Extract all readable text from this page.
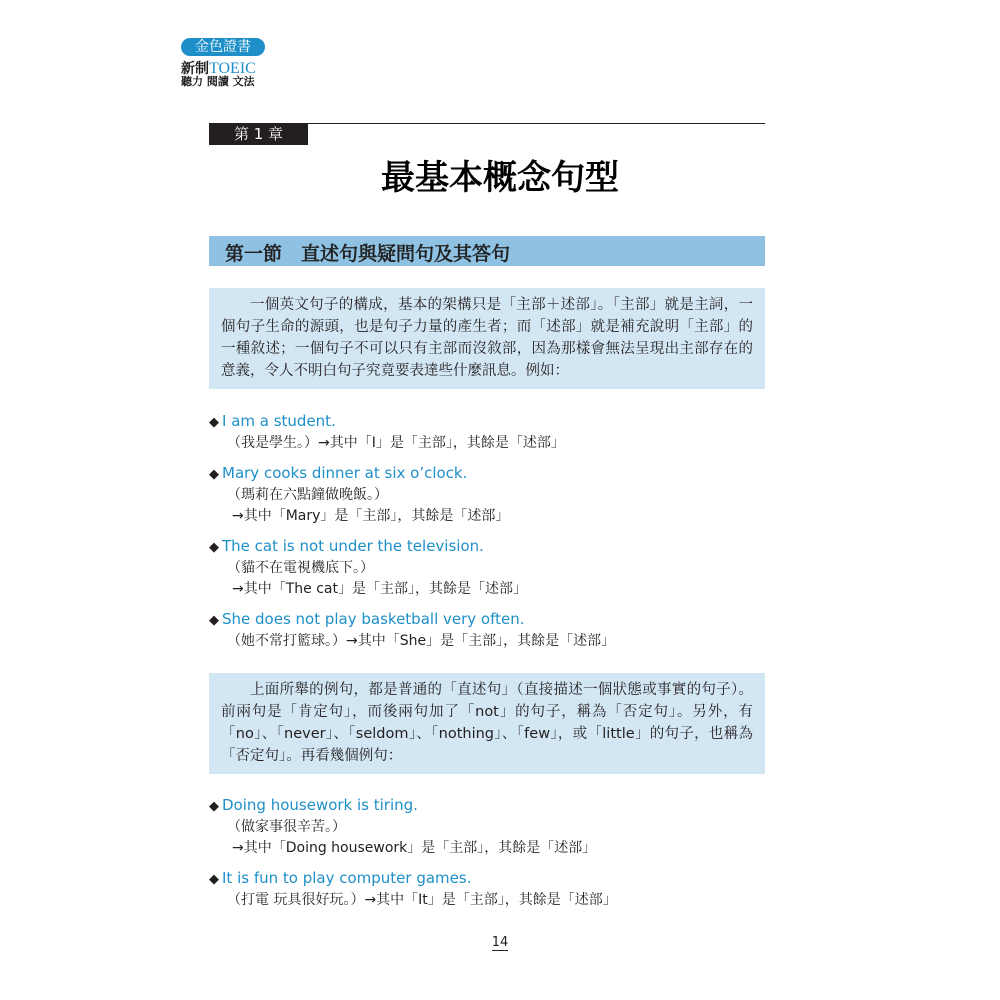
金色證書
新制TOEIC
聽力 閱讀 文法
第 1 章
最基本概念句型
第一節　直述句與疑問句及其答句

一個英文句子的構成，基本的架構只是「主部＋述部」。「主部」就是主詞，一個句子生命的源頭，也是句子力量的產生者；而「述部」就是補充說明「主部」的一種敘述；一個句子不可以只有主部而沒敘部，因為那樣會無法呈現出主部存在的意義，令人不明白句子究竟要表達些什麼訊息。例如：

◆ I am a student.
（我是學生。）→其中「I」是「主部」，其餘是「述部」
◆ Mary cooks dinner at six o’clock.
（瑪莉在六點鐘做晚飯。）
→其中「Mary」是「主部」，其餘是「述部」
◆ The cat is not under the television.
（貓不在電視機底下。）
→其中「The cat」是「主部」，其餘是「述部」
◆ She does not play basketball very often.
（她不常打籃球。）→其中「She」是「主部」，其餘是「述部」

上面所舉的例句，都是普通的「直述句」（直接描述一個狀態或事實的句子）。前兩句是「肯定句」，而後兩句加了「not」的句子，稱為「否定句」。另外，有「no」、「never」、「seldom」、「nothing」、「few」，或「little」的句子，也稱為「否定句」。再看幾個例句：

◆ Doing housework is tiring.
（做家事很辛苦。）
→其中「Doing housework」是「主部」，其餘是「述部」
◆ It is fun to play computer games.
（打電 玩具很好玩。）→其中「It」是「主部」，其餘是「述部」
14
